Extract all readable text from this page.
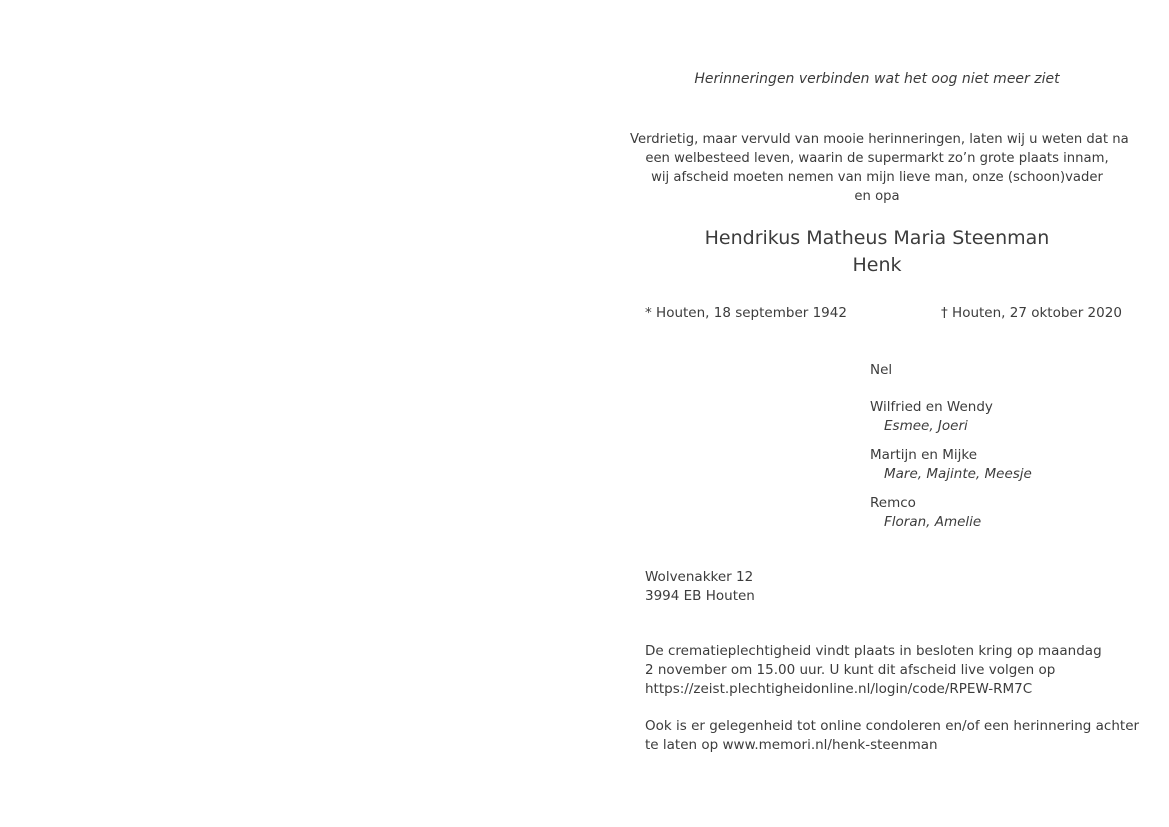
Herinneringen verbinden wat het oog niet meer ziet
Verdrietig, maar vervuld van mooie herinneringen, laten wij u weten dat na
een welbesteed leven, waarin de supermarkt zo’n grote plaats innam,
wij afscheid moeten nemen van mijn lieve man, onze (schoon)vader
en opa
Hendrikus Matheus Maria Steenman
Henk
* Houten, 18 september 1942	† Houten, 27 oktober 2020
Nel
Wilfried en Wendy
Esmee, Joeri
Martijn en Mijke
Mare, Majinte, Meesje
Remco
Floran, Amelie
Wolvenakker 12
3994 EB Houten
De crematieplechtigheid vindt plaats in besloten kring op maandag
2 november om 15.00 uur. U kunt dit afscheid live volgen op
https://zeist.plechtigheidonline.nl/login/code/RPEW-RM7C
Ook is er gelegenheid tot online condoleren en/of een herinnering achter
te laten op www.memori.nl/henk-steenman
